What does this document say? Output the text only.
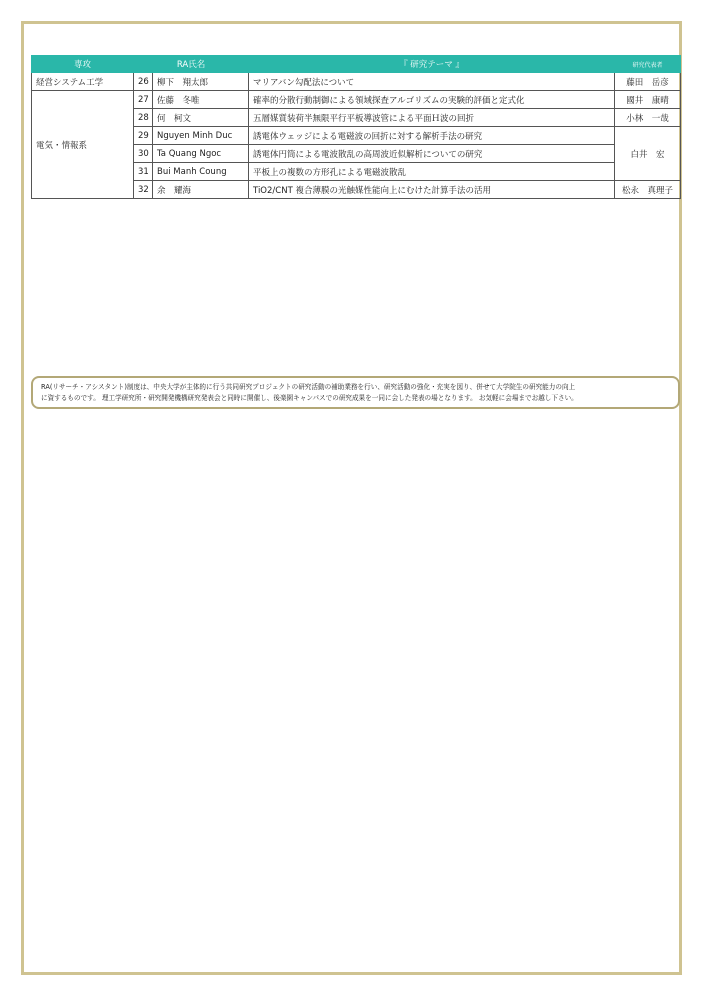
専攻	RA氏名		『 研究テーマ 』	研究代表者
経営システム工学	26	柳下　翔太郎	マリアバン勾配法について	藤田　岳彦
電気・情報系	27	佐藤　冬唯	確率的分散行動制御による領域探査アルゴリズムの実験的評価と定式化	國井　康晴
	28	何　柯文	五層媒質装荷半無限平行平板導波管による平面Ｈ波の回折	小林　一哉
	29	Nguyen Minh Duc	誘電体ウェッジによる電磁波の回折に対する解析手法の研究	白井　宏
	30	Ta Quang Ngoc	誘電体円筒による電波散乱の高周波近似解析についての研究	
	31	Bui Manh Coung	平板上の複数の方形孔による電磁波散乱	
	32	余　耀海	TiO2/CNT 複合薄膜の光触媒性能向上にむけた計算手法の活用	松永　真理子
RA(リサーチ・アシスタント)制度は、中央大学が主体的に行う共同研究プロジェクトの研究活動の補助業務を行い、研究活動の強化・充実を図り、併せて大学院生の研究能力の向上
に資するものです。 理工学研究所・研究開発機構研究発表会と同時に開催し、後楽園キャンパスでの研究成果を一同に会した発表の場となります。 お気軽に会場までお越し下さい。
